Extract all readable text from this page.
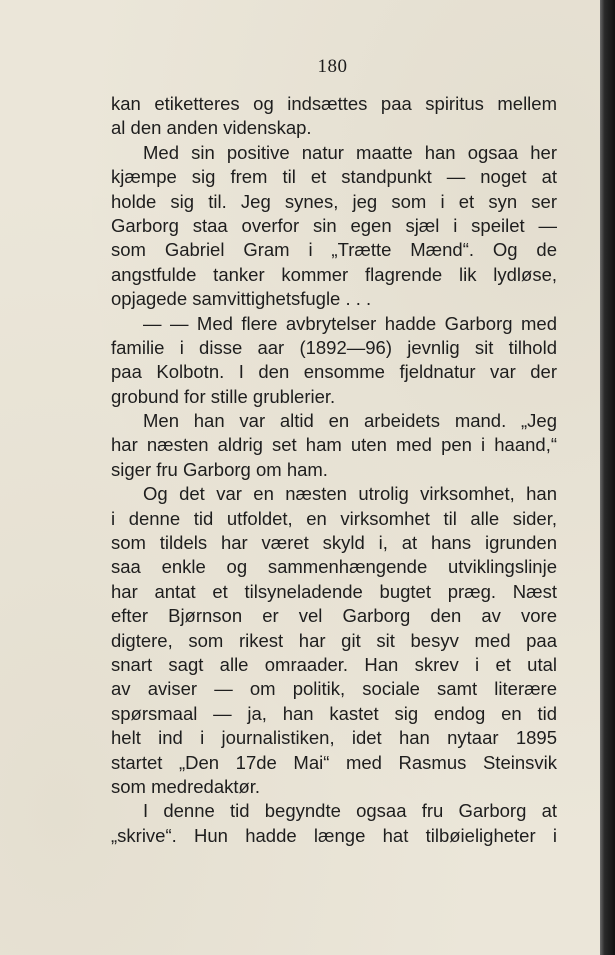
180
kan etiketteres og indsættes paa spiritus mellem
al den anden videnskap.
Med sin positive natur maatte han ogsaa her
kjæmpe sig frem til et standpunkt — noget at
holde sig til. Jeg synes, jeg som i et syn ser
Garborg staa overfor sin egen sjæl i speilet —
som Gabriel Gram i „Trætte Mænd“. Og de
angstfulde tanker kommer flagrende lik lydløse,
opjagede samvittighetsfugle . . .
— — Med flere avbrytelser hadde Garborg med
familie i disse aar (1892—96) jevnlig sit tilhold
paa Kolbotn. I den ensomme fjeldnatur var der
grobund for stille grublerier.
Men han var altid en arbeidets mand. „Jeg
har næsten aldrig set ham uten med pen i haand,“
siger fru Garborg om ham.
Og det var en næsten utrolig virksomhet, han
i denne tid utfoldet, en virksomhet til alle sider,
som tildels har været skyld i, at hans igrunden
saa enkle og sammenhængende utviklingslinje
har antat et tilsyneladende bugtet præg. Næst
efter Bjørnson er vel Garborg den av vore
digtere, som rikest har git sit besyv med paa
snart sagt alle omraader. Han skrev i et utal
av aviser — om politik, sociale samt literære
spørsmaal — ja, han kastet sig endog en tid
helt ind i journalistiken, idet han nytaar 1895
startet „Den 17de Mai“ med Rasmus Steinsvik
som medredaktør.
I denne tid begyndte ogsaa fru Garborg at
„skrive“. Hun hadde længe hat tilbøieligheter i
